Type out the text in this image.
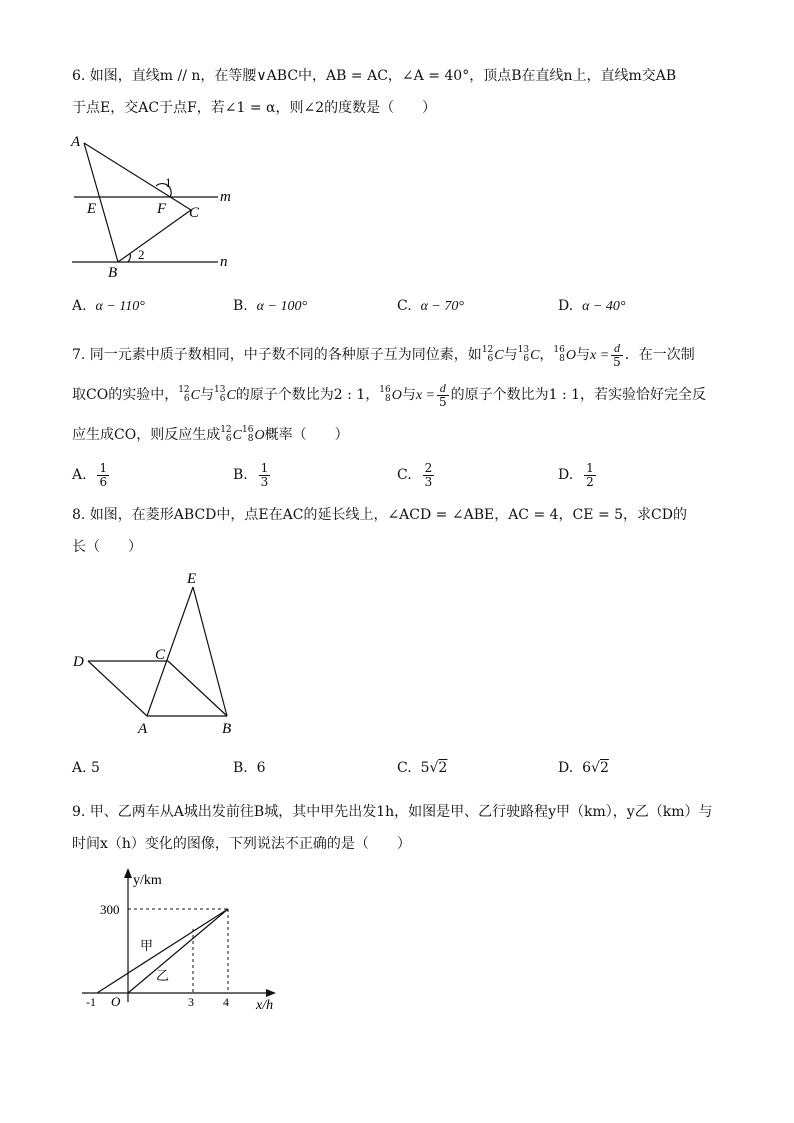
6. 如图，直线m // n，在等腰∨ABC中，AB = AC，∠A = 40°，顶点B在直线n上，直线m交AB
于点E，交AC于点F，若∠1 = α，则∠2的度数是（　　）
A
E	F C
B
m
n
1
2
A. α − 110°	B. α − 100°	C. α − 70°	D. α − 40°
7. 同一元素中质子数相同，中子数不同的各种原子互为同位素，如 12
6 C与 13
6 C， 16
8 O与$x = \frac{d}{5}$ ．在一次制
取CO的实验中， 12
6 C与 13
6 C的原子个数比为2 : 1， 16
8 O与$x = \frac{d}{5}$ 的原子个数比为1 : 1，若实验恰好完全反
应生成CO，则反应生成 12
6 C 16
8 O概率（　　）
A. $\frac{1}{6}$	B. $\frac{1}{3}$	C. $\frac{2}{3}$	D. $\frac{1}{2}$
8. 如图，在菱形ABCD中，点E在AC的延长线上，∠ACD = ∠ABE，AC = 4，CE = 5，求CD的
长（　　）
E
C
D
A	B
A. 5	B. 6	C. 5√2	D. 6√2
9. 甲、乙两车从A城出发前往B城，其中甲先出发1h，如图是甲、乙行驶路程y甲（km），y乙（km）与
时间x（h）变化的图像，下列说法不正确的是（　　）
y/km
x/h
300
甲
乙
-1 O	3 4
